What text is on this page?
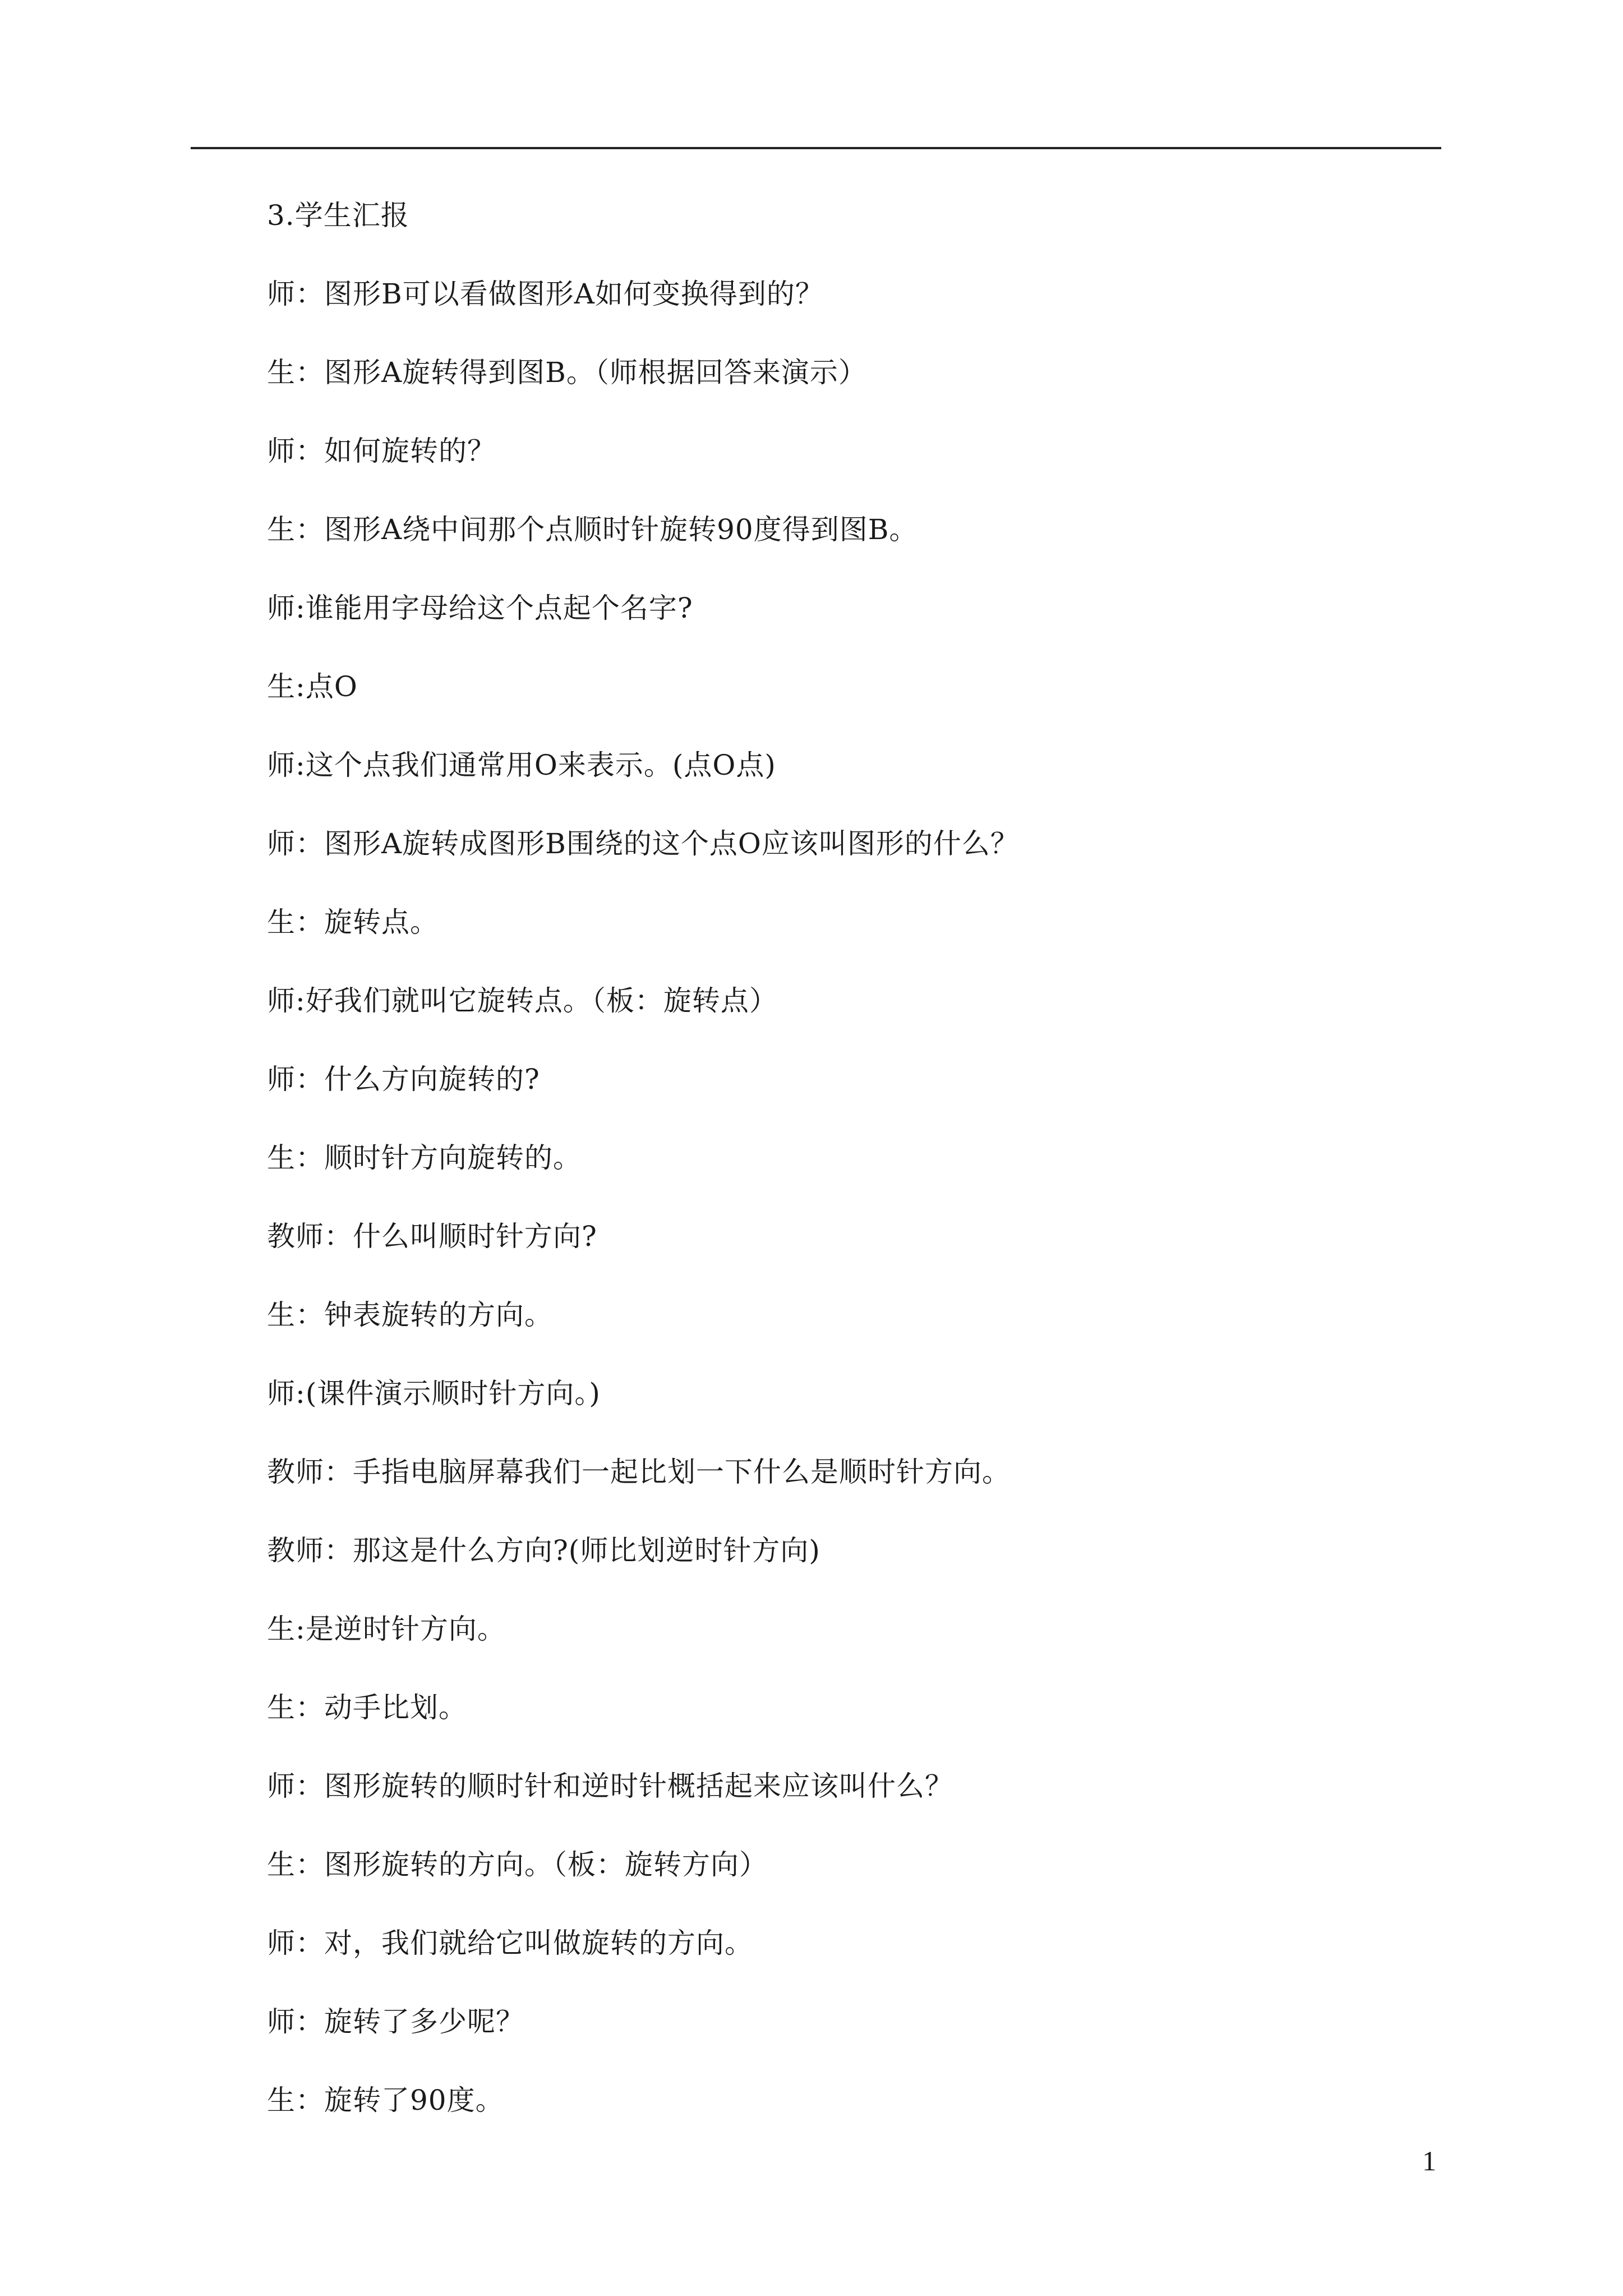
3.学生汇报
师：图形B可以看做图形A如何变换得到的？
生：图形A旋转得到图B。（师根据回答来演示）
师：如何旋转的？
生：图形A绕中间那个点顺时针旋转90度得到图B。
师:谁能用字母给这个点起个名字?
生:点O
师:这个点我们通常用O来表示。(点O点)
师：图形A旋转成图形B围绕的这个点O应该叫图形的什么？
生：旋转点。
师:好我们就叫它旋转点。（板：旋转点）
师：什么方向旋转的?
生：顺时针方向旋转的。
教师：什么叫顺时针方向?
生：钟表旋转的方向。
师:(课件演示顺时针方向。)
教师：手指电脑屏幕我们一起比划一下什么是顺时针方向。
教师：那这是什么方向?(师比划逆时针方向)
生:是逆时针方向。
生：动手比划。
师：图形旋转的顺时针和逆时针概括起来应该叫什么？
生：图形旋转的方向。（板：旋转方向）
师：对，我们就给它叫做旋转的方向。
师：旋转了多少呢？
生：旋转了90度。
1
